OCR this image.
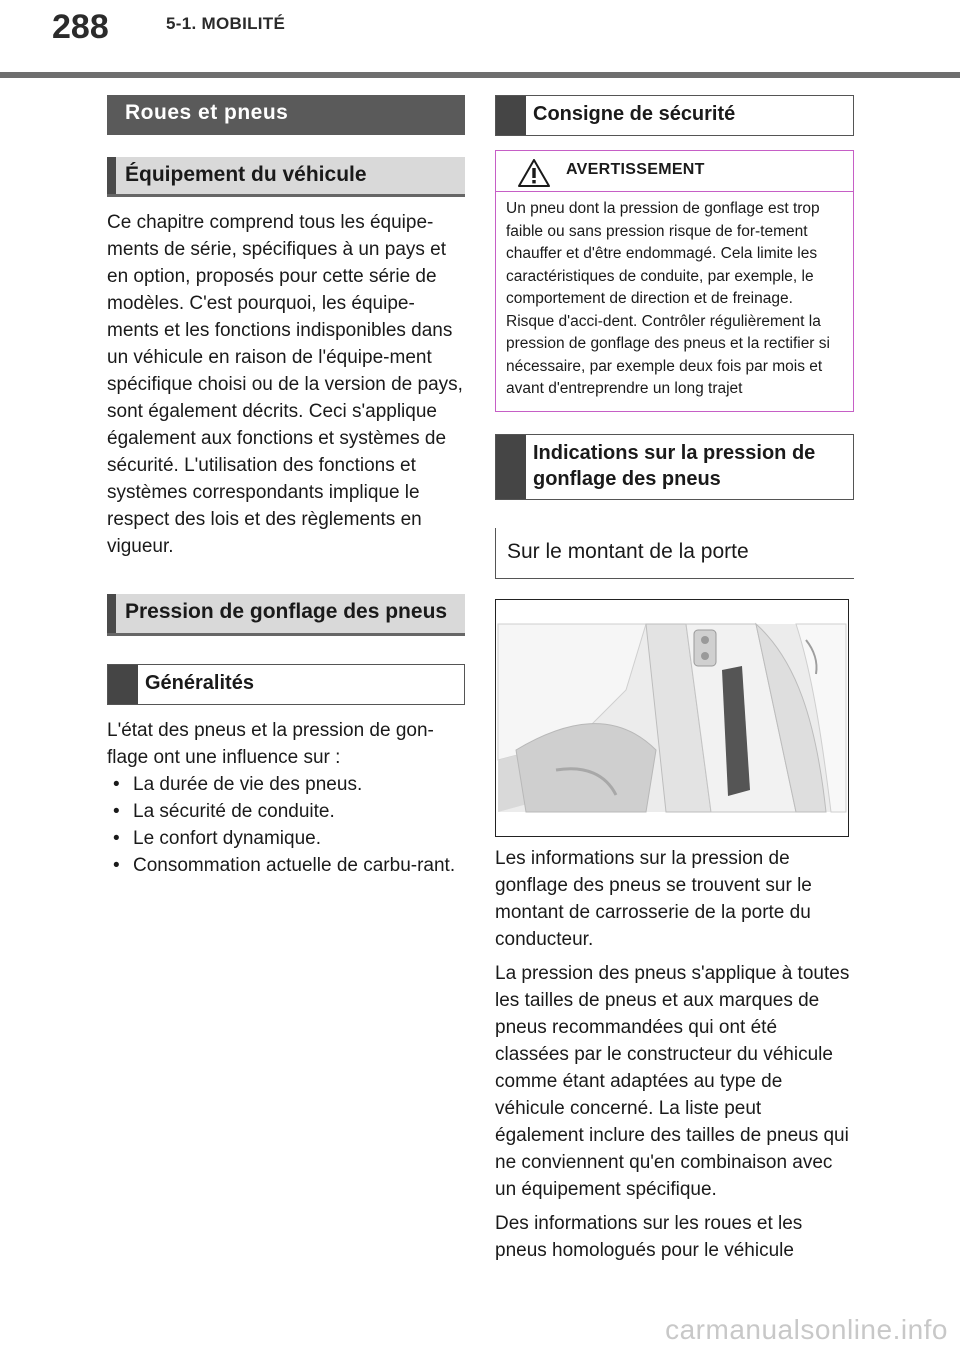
288	5-1. MOBILITÉ
Roues et pneus
Équipement du véhicule

Ce chapitre comprend tous les équipe-ments de série, spécifiques à un pays et en option, proposés pour cette série de modèles. C'est pourquoi, les équipe-ments et les fonctions indisponibles dans un véhicule en raison de l'équipe-ment spécifique choisi ou de la version de pays, sont également décrits. Ceci s'applique également aux fonctions et systèmes de sécurité. L'utilisation des fonctions et systèmes correspondants implique le respect des lois et des règlements en vigueur.

Pression de gonflage des pneus
Généralités

L'état des pneus et la pression de gon-flage ont une influence sur :

• La durée de vie des pneus.
• La sécurité de conduite.
• Le confort dynamique.
• Consommation actuelle de carbu-rant.
Consigne de sécurité
AVERTISSEMENT
Un pneu dont la pression de gonflage est trop faible ou sans pression risque de for-tement chauffer et d'être endommagé. Cela limite les caractéristiques de conduite, par exemple, le comportement de direction et de freinage. Risque d'acci-dent. Contrôler régulièrement la pression de gonflage des pneus et la rectifier si nécessaire, par exemple deux fois par mois et avant d'entreprendre un long trajet
Indications sur la pression de gonflage des pneus
Sur le montant de la porte

Les informations sur la pression de gonflage des pneus se trouvent sur le montant de carrosserie de la porte du conducteur.

La pression des pneus s'applique à toutes les tailles de pneus et aux marques de pneus recommandées qui ont été classées par le constructeur du véhicule comme étant adaptées au type de véhicule concerné. La liste peut également inclure des tailles de pneus qui ne conviennent qu'en combinaison avec un équipement spécifique.

Des informations sur les roues et les pneus homologués pour le véhicule

carmanualsonline.info
